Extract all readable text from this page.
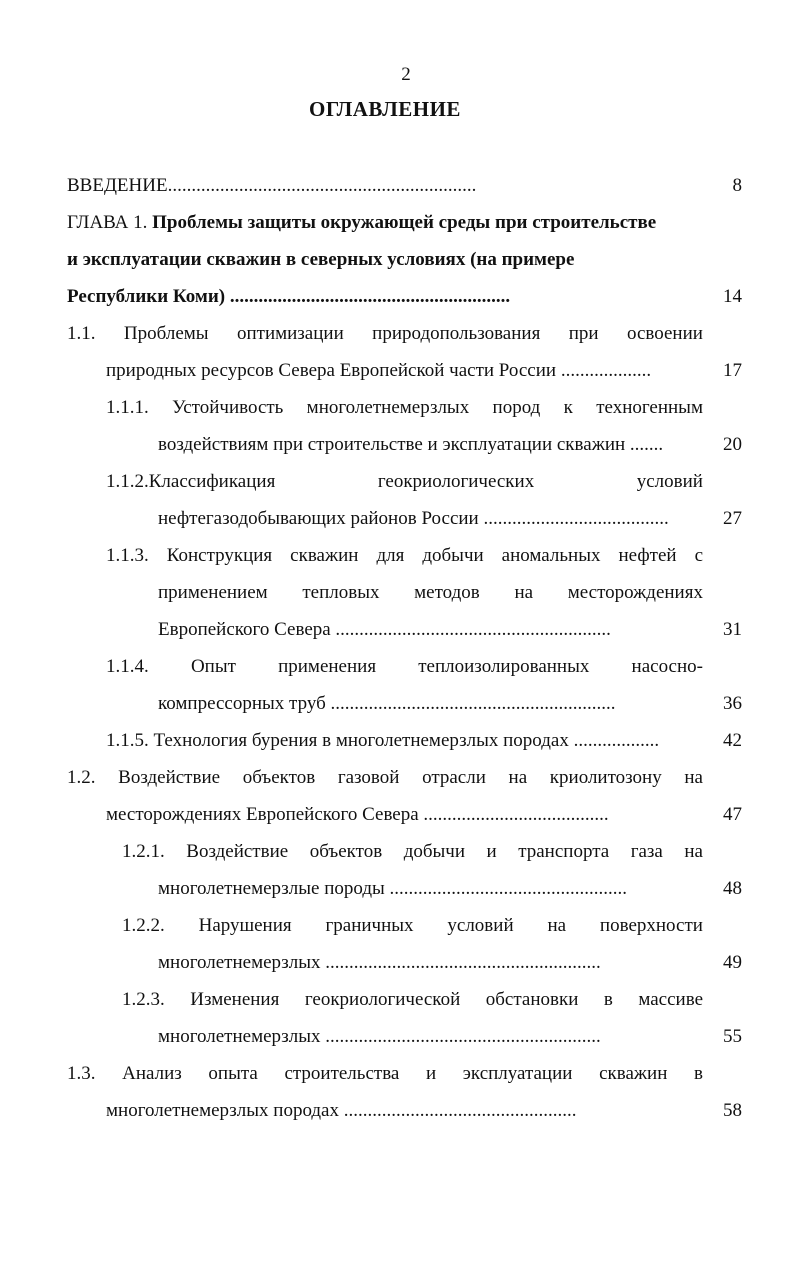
2
ОГЛАВЛЕНИЕ
ВВЕДЕНИЕ.................................................................	8
ГЛАВА 1. Проблемы защиты окружающей среды при строительстве
и эксплуатации скважин в северных условиях (на примере
Республики Коми) ...........................................................	14
1.1. Проблемы оптимизации природопользования при освоении
природных ресурсов Севера Европейской части России ...................	17
1.1.1. Устойчивость многолетнемерзлых пород к техногенным
воздействиям при строительстве и эксплуатации скважин .......	20
1.1.2.Классификация	геокриологических	условий
нефтегазодобывающих районов России .......................................	27
1.1.3. Конструкция скважин для добычи аномальных нефтей с
применением тепловых методов на месторождениях
Европейского Севера ..........................................................	31
1.1.4. Опыт применения теплоизолированных насосно-
компрессорных труб ............................................................	36
1.1.5. Технология бурения в многолетнемерзлых породах ..................	42
1.2. Воздействие объектов газовой отрасли на криолитозону на
месторождениях Европейского Севера .......................................	47
1.2.1. Воздействие объектов добычи и транспорта газа на
многолетнемерзлые породы ..................................................	48
1.2.2. Нарушения граничных условий на поверхности
многолетнемерзлых ..........................................................	49
1.2.3. Изменения геокриологической обстановки в массиве
многолетнемерзлых ..........................................................	55
1.3. Анализ опыта строительства и эксплуатации скважин в
многолетнемерзлых породах .................................................	58
